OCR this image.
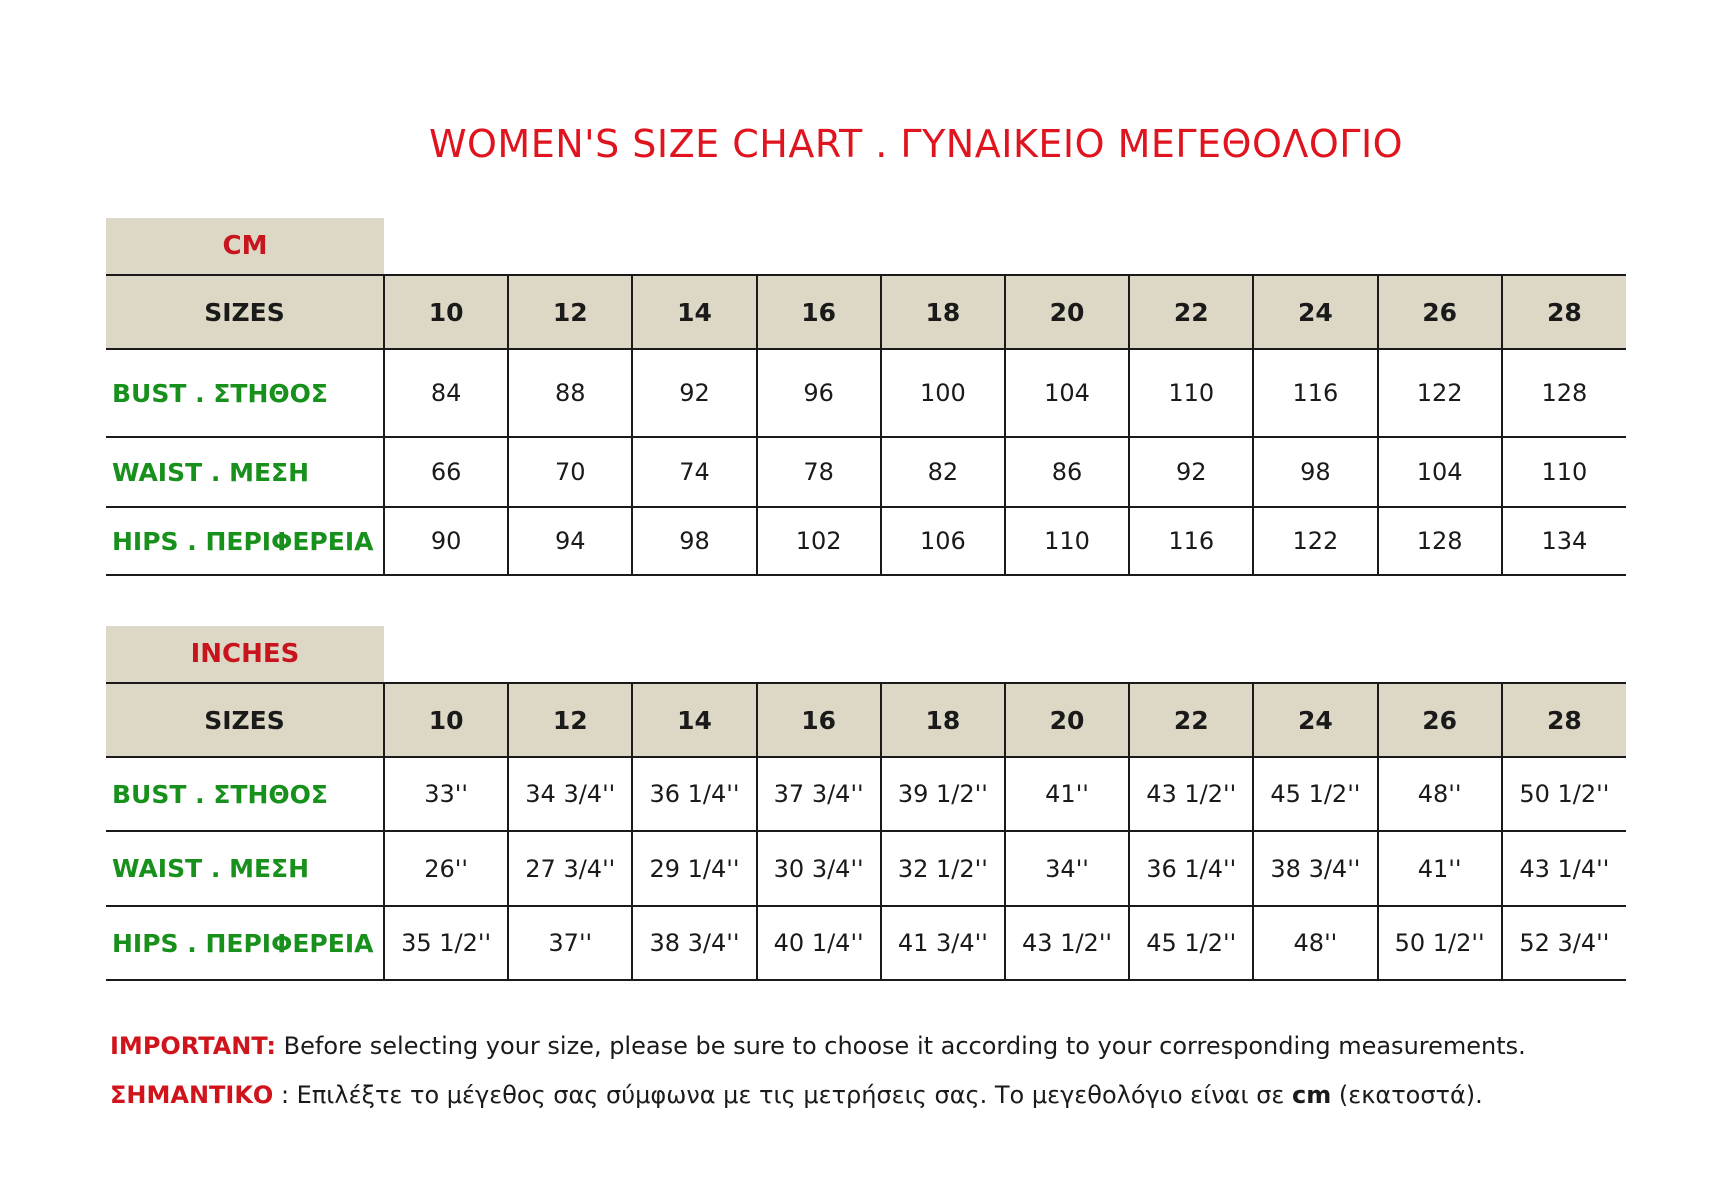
WOMEN'S SIZE CHART . ΓΥΝΑΙΚΕΙΟ ΜΕΓΕΘΟΛΟΓΙΟ
CM
SIZES	10	12	14	16	18	20	22	24	26	28
BUST . ΣΤΗΘΟΣ	84	88	92	96	100	104	110	116	122	128
WAIST . ΜΕΣΗ	66	70	74	78	82	86	92	98	104	110
HIPS . ΠΕΡΙΦΕΡΕΙΑ	90	94	98	102	106	110	116	122	128	134
INCHES
SIZES	10	12	14	16	18	20	22	24	26	28
BUST . ΣΤΗΘΟΣ	33''	34 3/4''	36 1/4''	37 3/4''	39 1/2''	41''	43 1/2''	45 1/2''	48''	50 1/2''
WAIST . ΜΕΣΗ	26''	27 3/4''	29 1/4''	30 3/4''	32 1/2''	34''	36 1/4''	38 3/4''	41''	43 1/4''
HIPS . ΠΕΡΙΦΕΡΕΙΑ	35 1/2''	37''	38 3/4''	40 1/4''	41 3/4''	43 1/2''	45 1/2''	48''	50 1/2''	52 3/4''
IMPORTANT: Before selecting your size, please be sure to choose it according to your corresponding measurements.
ΣΗΜΑΝΤΙΚΟ : Επιλέξτε το μέγεθος σας σύμφωνα με τις μετρήσεις σας. Το μεγεθολόγιο είναι σε cm (εκατοστά).
